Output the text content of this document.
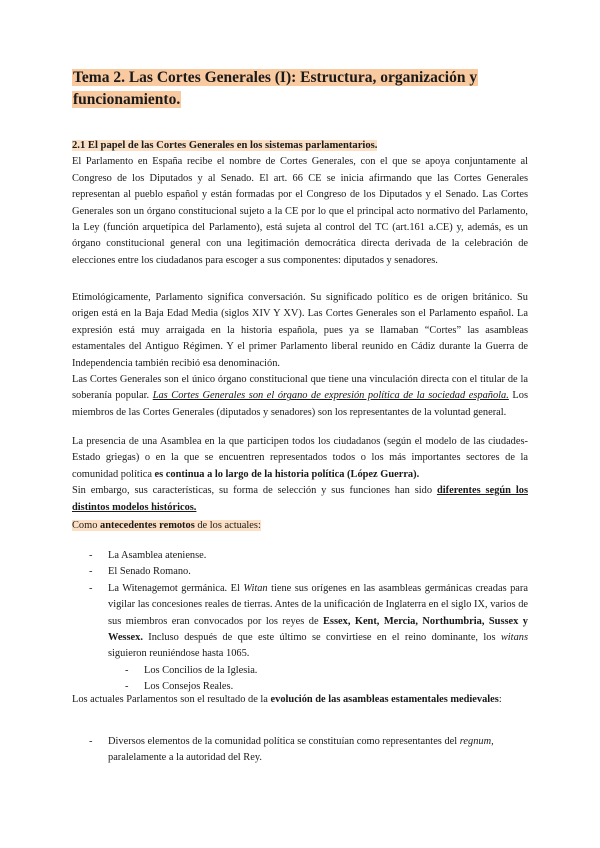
Tema 2. Las Cortes Generales (I): Estructura, organización y
funcionamiento.

2.1 El papel de las Cortes Generales en los sistemas parlamentarios.

El Parlamento en España recibe el nombre de Cortes Generales, con el que se apoya conjuntamente al Congreso de los Diputados y al Senado. El art. 66 CE se inicia afirmando que las Cortes Generales representan al pueblo español y están formadas por el Congreso de los Diputados y el Senado. Las Cortes Generales son un órgano constitucional sujeto a la CE por lo que el principal acto normativo del Parlamento, la Ley (función arquetípica del Parlamento), está sujeta al control del TC (art.161 a.CE) y, además, es un órgano constitucional general con una legitimación democrática directa derivada de la celebración de elecciones entre los ciudadanos para escoger a sus componentes: diputados y senadores.

Etimológicamente, Parlamento significa conversación. Su significado político es de origen británico. Su origen está en la Baja Edad Media (siglos XIV Y XV). Las Cortes Generales son el Parlamento español. La expresión está muy arraigada en la historia española, pues ya se llamaban “Cortes” las asambleas estamentales del Antiguo Régimen. Y el primer Parlamento liberal reunido en Cádiz durante la Guerra de Independencia también recibió esa denominación.

Las Cortes Generales son el único órgano constitucional que tiene una vinculación directa con el titular de la soberanía popular. Las Cortes Generales son el órgano de expresión política de la sociedad española. Los miembros de las Cortes Generales (diputados y senadores) son los representantes de la voluntad general.

La presencia de una Asamblea en la que participen todos los ciudadanos (según el modelo de las ciudades-Estado griegas) o en la que se encuentren representados todos o los más importantes sectores de la comunidad política es continua a lo largo de la historia política (López Guerra).

Sin embargo, sus características, su forma de selección y sus funciones han sido diferentes según los distintos modelos históricos.

Como antecedentes remotos de los actuales:

- La Asamblea ateniense.
- El Senado Romano.
- La Witenagemot germánica. El Witan tiene sus orígenes en las asambleas germánicas creadas para vigilar las concesiones reales de tierras. Antes de la unificación de Inglaterra en el siglo IX, varios de sus miembros eran convocados por los reyes de Essex, Kent, Mercia, Northumbria, Sussex y Wessex. Incluso después de que este último se convirtiese en el reino dominante, los witans siguieron reuniéndose hasta 1065.
- Los Concilios de la Iglesia.
- Los Consejos Reales.

Los actuales Parlamentos son el resultado de la evolución de las asambleas estamentales medievales:

- Diversos elementos de la comunidad política se constituían como representantes del regnum,
paralelamente a la autoridad del Rey.
